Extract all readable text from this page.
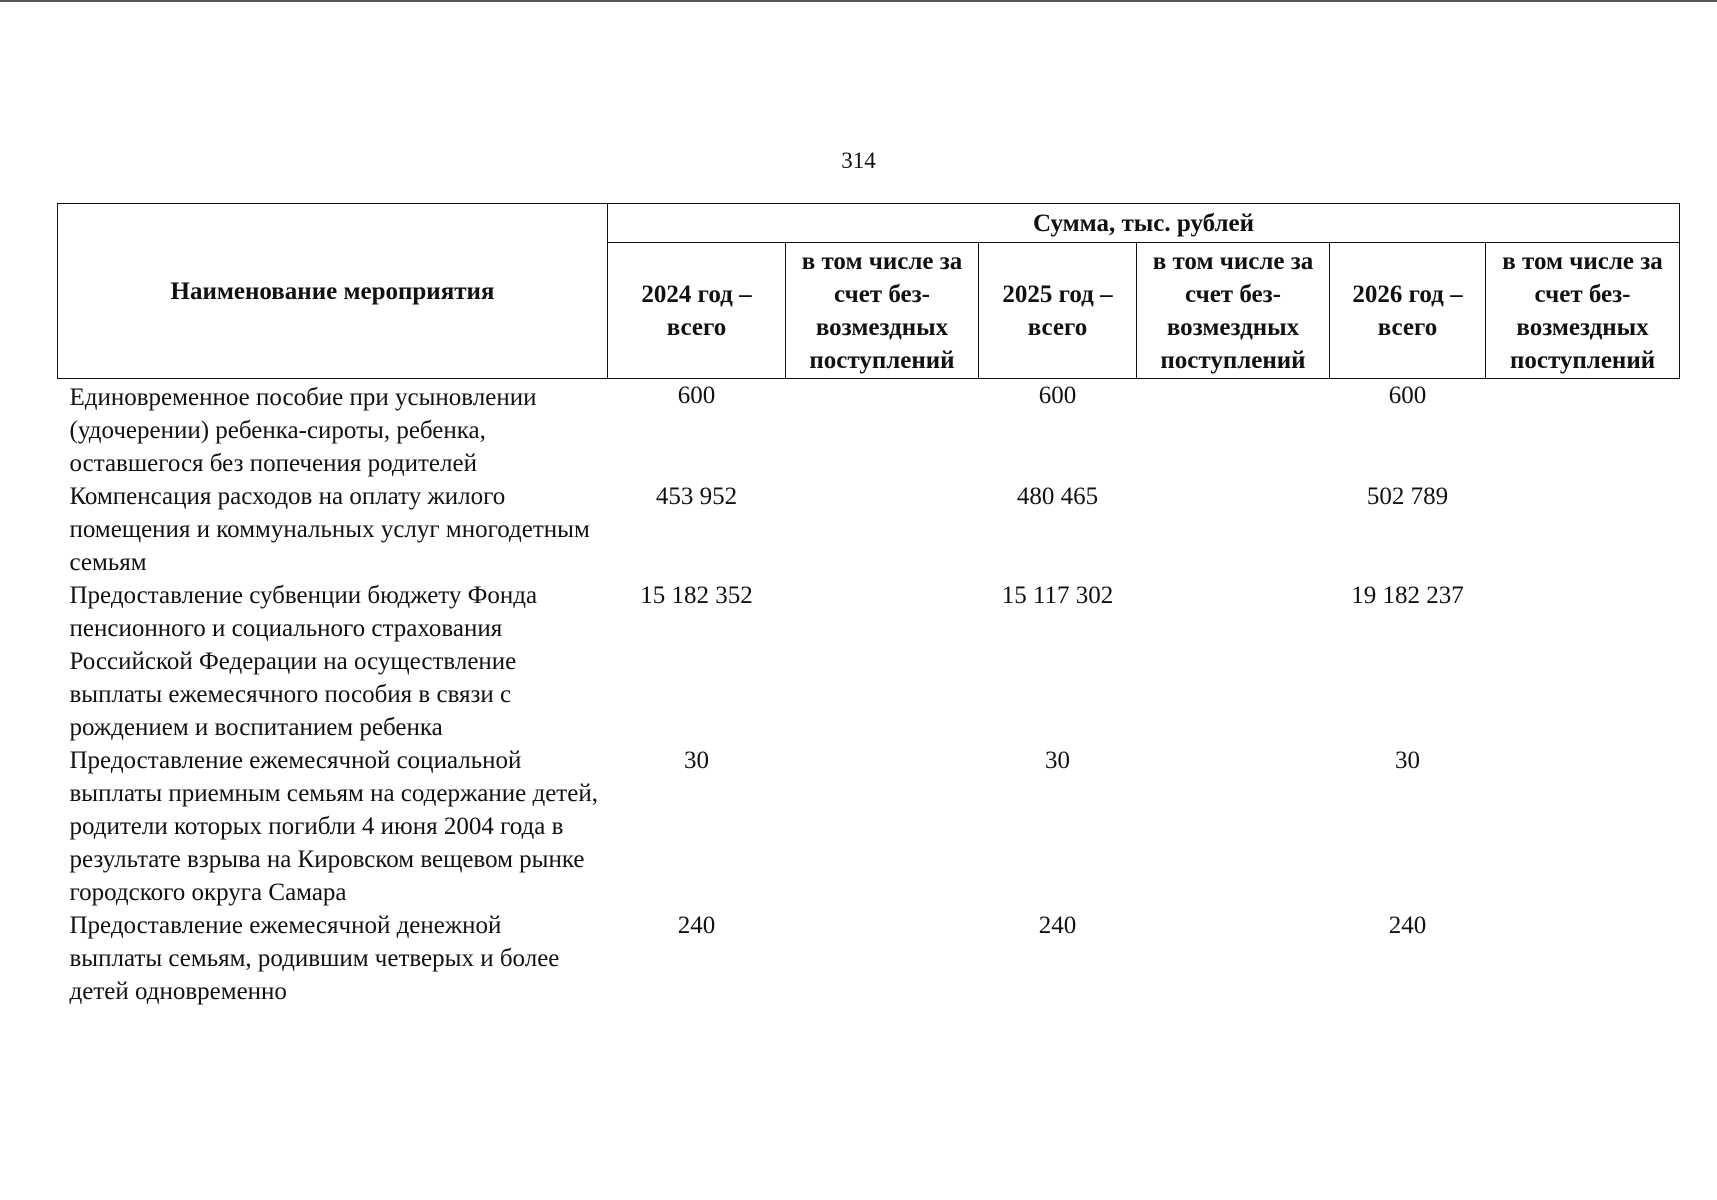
314
Наименование мероприятия	Сумма, тыс. рублей					
	2024 год – всего	в том числе за счет без-возмездных поступлений	2025 год – всего	в том числе за счет без-возмездных поступлений	2026 год – всего	в том числе за счет без-возмездных поступлений
Единовременное пособие при усыновлении (удочерении) ребенка-сироты, ребенка, оставшегося без попечения родителей	600		600		600	
Компенсация расходов на оплату жилого помещения и коммунальных услуг многодетным семьям	453 952		480 465		502 789	
Предоставление субвенции бюджету Фонда пенсионного и социального страхования Российской Федерации на осуществление выплаты ежемесячного пособия в связи с рождением и воспитанием ребенка	15 182 352		15 117 302		19 182 237	
Предоставление ежемесячной социальной выплаты приемным семьям на содержание детей, родители которых погибли 4 июня 2004 года в результате взрыва на Кировском вещевом рынке городского округа Самара	30		30		30	
Предоставление ежемесячной денежной выплаты семьям, родившим четверых и более детей одновременно	240		240		240	
